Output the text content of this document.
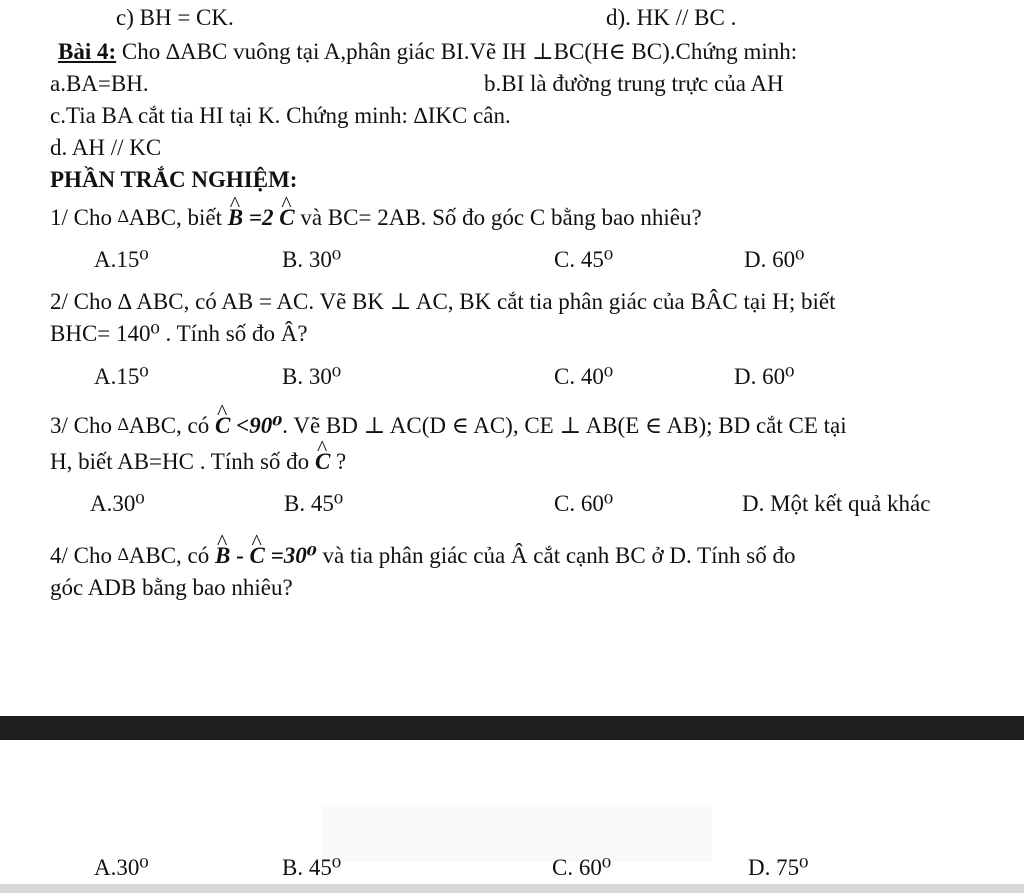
c) BH = CK.	d). HK // BC .
Bài 4: Cho ∆ABC vuông tại A,phân giác BI.Vẽ IH ⊥BC(H∈ BC).Chứng minh:
a.BA=BH.	b.BI là đường trung trực của AH
c.Tia BA cắt tia HI tại K. Chứng minh: ∆IKC cân.
d. AH // KC
PHẦN TRẮC NGHIỆM:
1/ Cho ∆ABC, biết ^ B =2 ^ C và BC= 2AB. Số đo góc C bằng bao nhiêu?
A.15⁰	B. 30⁰	C. 45⁰	D. 60⁰
2/ Cho ∆ ABC, có AB = AC. Vẽ BK ⊥ AC, BK cắt tia phân giác của BÂC tại H; biết
BHC= 140⁰ . Tính số đo Â?
A.15⁰	B. 30⁰	C. 40⁰	D. 60⁰
3/ Cho ∆ABC, có ^ C <90⁰. Vẽ BD ⊥ AC(D ∈ AC), CE ⊥ AB(E ∈ AB); BD cắt CE tại
H, biết AB=HC . Tính số đo ^ C ?
A.30⁰	B. 45⁰	C. 60⁰	D. Một kết quả khác
4/ Cho ∆ABC, có ^ B - ^ C =30⁰ và tia phân giác của Â cắt cạnh BC ở D. Tính số đo
góc ADB bằng bao nhiêu?
A.30⁰	B. 45⁰	C. 60⁰	D. 75⁰
